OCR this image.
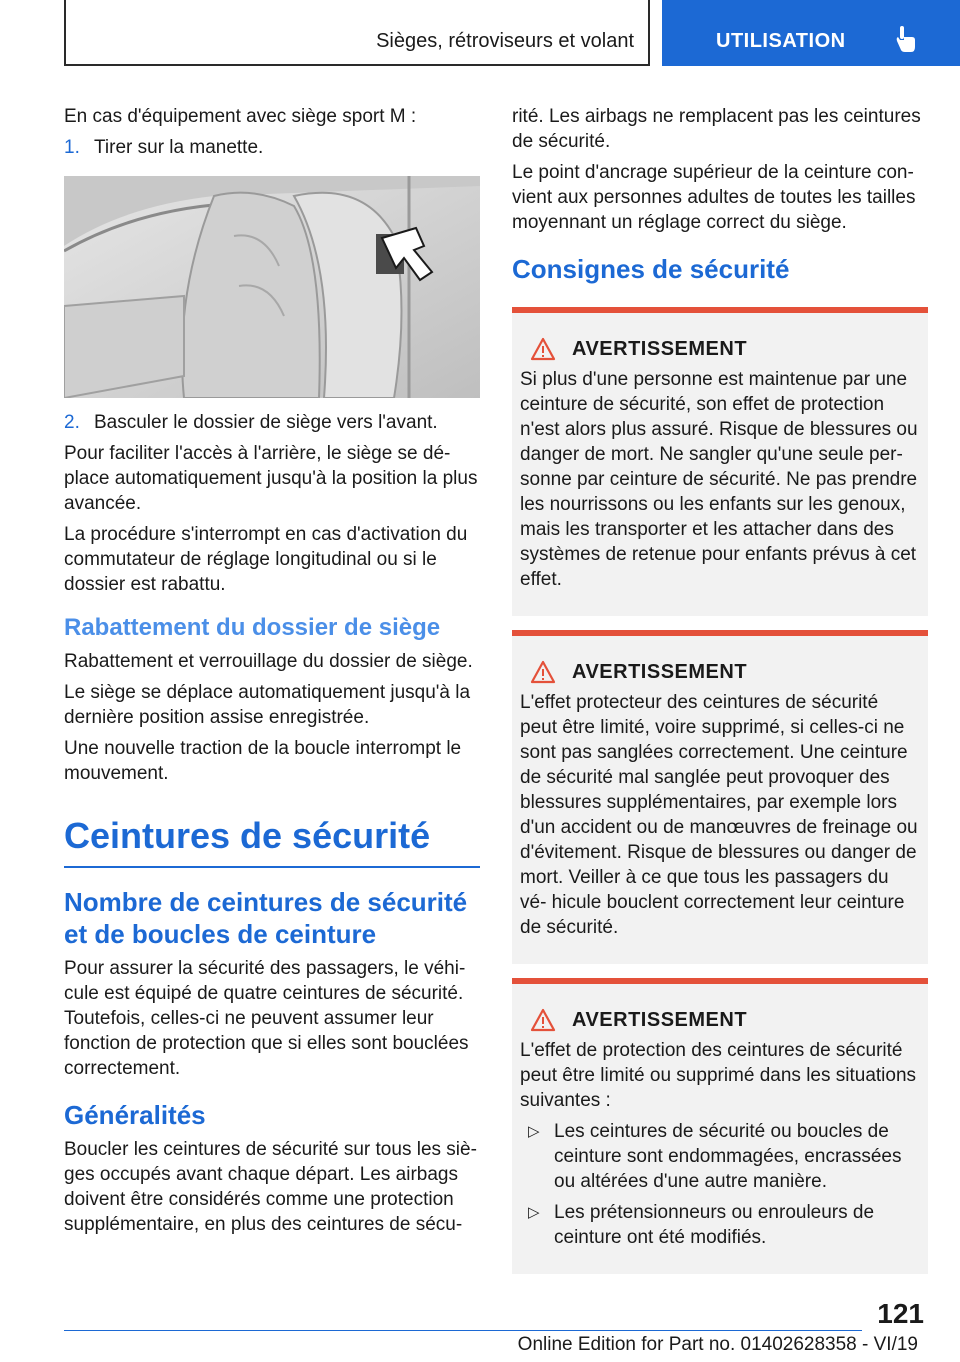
Sièges, rétroviseurs et volant	UTILISATION

En cas d'équipement avec siège sport M :

1. Tirer sur la manette.
2. Basculer le dossier de siège vers l'avant.

Pour faciliter l'accès à l'arrière, le siège se dé- place automatiquement jusqu'à la position la plus avancée.

La procédure s'interrompt en cas d'activation du commutateur de réglage longitudinal ou si le dossier est rabattu.

Rabattement du dossier de siège

Rabattement et verrouillage du dossier de siège.

Le siège se déplace automatiquement jusqu'à la dernière position assise enregistrée.

Une nouvelle traction de la boucle interrompt le mouvement.

Ceintures de sécurité
Nombre de ceintures de sécurité et de boucles de ceinture

Pour assurer la sécurité des passagers, le véhi- cule est équipé de quatre ceintures de sécurité. Toutefois, celles-ci ne peuvent assumer leur fonction de protection que si elles sont bouclées correctement.

Généralités

Boucler les ceintures de sécurité sur tous les siè- ges occupés avant chaque départ. Les airbags doivent être considérés comme une protection supplémentaire, en plus des ceintures de sécu-

rité. Les airbags ne remplacent pas les ceintures de sécurité.

Le point d'ancrage supérieur de la ceinture con- vient aux personnes adultes de toutes les tailles moyennant un réglage correct du siège.

Consignes de sécurité
AVERTISSEMENT

Si plus d'une personne est maintenue par une ceinture de sécurité, son effet de protection n'est alors plus assuré. Risque de blessures ou danger de mort. Ne sangler qu'une seule per- sonne par ceinture de sécurité. Ne pas prendre les nourrissons ou les enfants sur les genoux, mais les transporter et les attacher dans des systèmes de retenue pour enfants prévus à cet effet.

AVERTISSEMENT

L'effet protecteur des ceintures de sécurité peut être limité, voire supprimé, si celles-ci ne sont pas sanglées correctement. Une ceinture de sécurité mal sanglée peut provoquer des blessures supplémentaires, par exemple lors d'un accident ou de manœuvres de freinage ou d'évitement. Risque de blessures ou danger de mort. Veiller à ce que tous les passagers du vé- hicule bouclent correctement leur ceinture de sécurité.

AVERTISSEMENT

L'effet de protection des ceintures de sécurité peut être limité ou supprimé dans les situations suivantes :

▷ Les ceintures de sécurité ou boucles de ceinture sont endommagées, encrassées ou altérées d'une autre manière.
▷ Les prétensionneurs ou enrouleurs de ceinture ont été modifiés.
121
Online Edition for Part no. 01402628358 - VI/19
